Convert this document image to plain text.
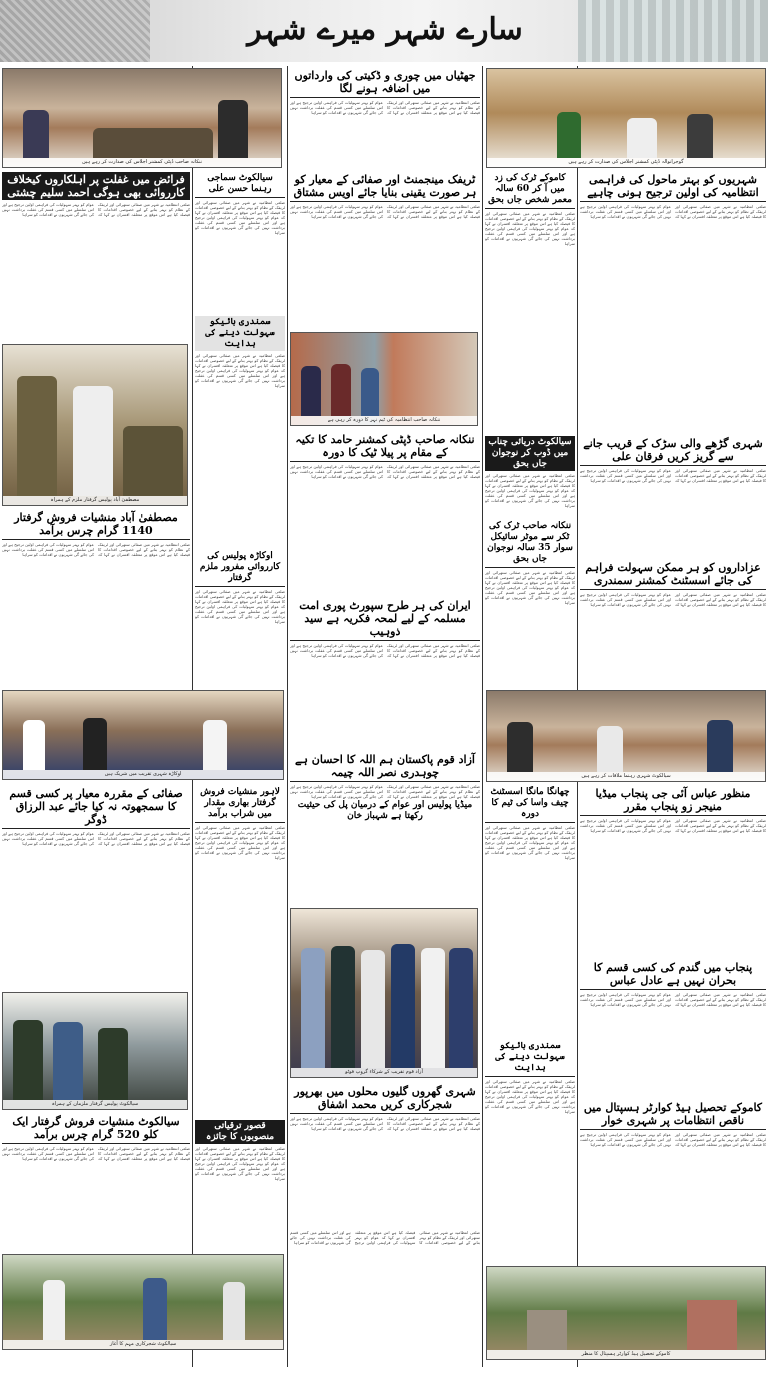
سارے شہر میرے شہر
ننکانہ صاحب ڈپٹی کمشنر اجلاس کی صدارت کر رہے ہیں	گوجرانوالہ ڈپٹی کمشنر اجلاس کی صدارت کر رہے ہیں
جھٹیاں میں چوری و ڈکیتی کی وارداتوں میں اضافہ ہونے لگا
ضلعی انتظامیہ نے شہر میں صفائی ستھرائی اور ٹریفک کے نظام کو بہتر بنانے کے لیے خصوصی اقدامات کا فیصلہ کیا ہے اس موقع پر متعلقہ افسران نے کہا کہ عوام کو بہتر سہولیات کی فراہمی اولین ترجیح ہے اور اس سلسلے میں کسی قسم کی غفلت برداشت نہیں کی جائے گی شہریوں نے اقدامات کو سراہا
فرائض میں غفلت پر اہلکاروں کیخلاف کارروائی بھی ہوگی احمد سلیم چشتی
ضلعی انتظامیہ نے شہر میں صفائی ستھرائی اور ٹریفک کے نظام کو بہتر بنانے کے لیے خصوصی اقدامات کا فیصلہ کیا ہے اس موقع پر متعلقہ افسران نے کہا کہ عوام کو بہتر سہولیات کی فراہمی اولین ترجیح ہے اور اس سلسلے میں کسی قسم کی غفلت برداشت نہیں کی جائے گی شہریوں نے اقدامات کو سراہا
مصطفیٰ آباد پولیس گرفتار ملزم کے ہمراہ
مصطفیٰ آباد منشیات فروش گرفتار 1140 گرام چرس برآمد
ضلعی انتظامیہ نے شہر میں صفائی ستھرائی اور ٹریفک کے نظام کو بہتر بنانے کے لیے خصوصی اقدامات کا فیصلہ کیا ہے اس موقع پر متعلقہ افسران نے کہا کہ عوام کو بہتر سہولیات کی فراہمی اولین ترجیح ہے اور اس سلسلے میں کسی قسم کی غفلت برداشت نہیں کی جائے گی شہریوں نے اقدامات کو سراہا
اوکاڑہ شہری تقریب میں شریک ہیں
صفائی کے مقررہ معیار پر کسی قسم کا سمجھوتہ نہ کیا جائے عبد الرزاق ڈوگر
ضلعی انتظامیہ نے شہر میں صفائی ستھرائی اور ٹریفک کے نظام کو بہتر بنانے کے لیے خصوصی اقدامات کا فیصلہ کیا ہے اس موقع پر متعلقہ افسران نے کہا کہ عوام کو بہتر سہولیات کی فراہمی اولین ترجیح ہے اور اس سلسلے میں کسی قسم کی غفلت برداشت نہیں کی جائے گی شہریوں نے اقدامات کو سراہا
سیالکوٹ پولیس گرفتار ملزمان کے ہمراہ
سیالکوٹ منشیات فروش گرفتار ایک کلو 520 گرام چرس برآمد
ضلعی انتظامیہ نے شہر میں صفائی ستھرائی اور ٹریفک کے نظام کو بہتر بنانے کے لیے خصوصی اقدامات کا فیصلہ کیا ہے اس موقع پر متعلقہ افسران نے کہا کہ عوام کو بہتر سہولیات کی فراہمی اولین ترجیح ہے اور اس سلسلے میں کسی قسم کی غفلت برداشت نہیں کی جائے گی شہریوں نے اقدامات کو سراہا
سیالکوٹ شجرکاری مہم کا آغاز
سیالکوٹ سماجی رہنما حسن علی
ضلعی انتظامیہ نے شہر میں صفائی ستھرائی اور ٹریفک کے نظام کو بہتر بنانے کے لیے خصوصی اقدامات کا فیصلہ کیا ہے اس موقع پر متعلقہ افسران نے کہا کہ عوام کو بہتر سہولیات کی فراہمی اولین ترجیح ہے اور اس سلسلے میں کسی قسم کی غفلت برداشت نہیں کی جائے گی شہریوں نے اقدامات کو سراہا
سمندری بائیکو سہولت دینے کی ہدایت
ضلعی انتظامیہ نے شہر میں صفائی ستھرائی اور ٹریفک کے نظام کو بہتر بنانے کے لیے خصوصی اقدامات کا فیصلہ کیا ہے اس موقع پر متعلقہ افسران نے کہا کہ عوام کو بہتر سہولیات کی فراہمی اولین ترجیح ہے اور اس سلسلے میں کسی قسم کی غفلت برداشت نہیں کی جائے گی شہریوں نے اقدامات کو سراہا
اوکاڑہ پولیس کی کارروائی مفرور ملزم گرفتار
ضلعی انتظامیہ نے شہر میں صفائی ستھرائی اور ٹریفک کے نظام کو بہتر بنانے کے لیے خصوصی اقدامات کا فیصلہ کیا ہے اس موقع پر متعلقہ افسران نے کہا کہ عوام کو بہتر سہولیات کی فراہمی اولین ترجیح ہے اور اس سلسلے میں کسی قسم کی غفلت برداشت نہیں کی جائے گی شہریوں نے اقدامات کو سراہا
لاہور منشیات فروش گرفتار بھاری مقدار میں شراب برآمد
ضلعی انتظامیہ نے شہر میں صفائی ستھرائی اور ٹریفک کے نظام کو بہتر بنانے کے لیے خصوصی اقدامات کا فیصلہ کیا ہے اس موقع پر متعلقہ افسران نے کہا کہ عوام کو بہتر سہولیات کی فراہمی اولین ترجیح ہے اور اس سلسلے میں کسی قسم کی غفلت برداشت نہیں کی جائے گی شہریوں نے اقدامات کو سراہا
قصور ترقیاتی منصوبوں کا جائزہ
ضلعی انتظامیہ نے شہر میں صفائی ستھرائی اور ٹریفک کے نظام کو بہتر بنانے کے لیے خصوصی اقدامات کا فیصلہ کیا ہے اس موقع پر متعلقہ افسران نے کہا کہ عوام کو بہتر سہولیات کی فراہمی اولین ترجیح ہے اور اس سلسلے میں کسی قسم کی غفلت برداشت نہیں کی جائے گی شہریوں نے اقدامات کو سراہا
ٹریفک مینجمنٹ اور صفائی کے معیار کو ہر صورت یقینی بنایا جائے اویس مشتاق
ضلعی انتظامیہ نے شہر میں صفائی ستھرائی اور ٹریفک کے نظام کو بہتر بنانے کے لیے خصوصی اقدامات کا فیصلہ کیا ہے اس موقع پر متعلقہ افسران نے کہا کہ عوام کو بہتر سہولیات کی فراہمی اولین ترجیح ہے اور اس سلسلے میں کسی قسم کی غفلت برداشت نہیں کی جائے گی شہریوں نے اقدامات کو سراہا
ننکانہ صاحب انتظامیہ کی ٹیم نہر کا دورہ کر رہی ہے
ننکانہ صاحب ڈپٹی کمشنر حامد کا تکیہ کے مقام پر پیلا ٹیک کا دورہ
ضلعی انتظامیہ نے شہر میں صفائی ستھرائی اور ٹریفک کے نظام کو بہتر بنانے کے لیے خصوصی اقدامات کا فیصلہ کیا ہے اس موقع پر متعلقہ افسران نے کہا کہ عوام کو بہتر سہولیات کی فراہمی اولین ترجیح ہے اور اس سلسلے میں کسی قسم کی غفلت برداشت نہیں کی جائے گی شہریوں نے اقدامات کو سراہا
ایران کی ہر طرح سپورٹ پوری امت مسلمہ کے لیے لمحہ فکریہ ہے سید ذوہیب
ضلعی انتظامیہ نے شہر میں صفائی ستھرائی اور ٹریفک کے نظام کو بہتر بنانے کے لیے خصوصی اقدامات کا فیصلہ کیا ہے اس موقع پر متعلقہ افسران نے کہا کہ عوام کو بہتر سہولیات کی فراہمی اولین ترجیح ہے اور اس سلسلے میں کسی قسم کی غفلت برداشت نہیں کی جائے گی شہریوں نے اقدامات کو سراہا
آزاد قوم پاکستان ہم اللہ کا احسان ہے چوہدری نصر اللہ چیمہ
ضلعی انتظامیہ نے شہر میں صفائی ستھرائی اور ٹریفک کے نظام کو بہتر بنانے کے لیے خصوصی اقدامات کا فیصلہ کیا ہے اس موقع پر متعلقہ افسران نے کہا کہ عوام کو بہتر سہولیات کی فراہمی اولین ترجیح ہے اور اس سلسلے میں کسی قسم کی غفلت برداشت نہیں کی جائے گی شہریوں نے اقدامات کو سراہا
میڈیا پولیس اور عوام کے درمیان پل کی حیثیت رکھتا ہے شہباز خان
آزاد قوم تقریب کے شرکاء گروپ فوٹو
شہری گھروں گلیوں محلوں میں بھرپور شجرکاری کریں محمد اشفاق
ضلعی انتظامیہ نے شہر میں صفائی ستھرائی اور ٹریفک کے نظام کو بہتر بنانے کے لیے خصوصی اقدامات کا فیصلہ کیا ہے اس موقع پر متعلقہ افسران نے کہا کہ عوام کو بہتر سہولیات کی فراہمی اولین ترجیح ہے اور اس سلسلے میں کسی قسم کی غفلت برداشت نہیں کی جائے گی شہریوں نے اقدامات کو سراہا
ضلعی انتظامیہ نے شہر میں صفائی ستھرائی اور ٹریفک کے نظام کو بہتر بنانے کے لیے خصوصی اقدامات کا فیصلہ کیا ہے اس موقع پر متعلقہ افسران نے کہا کہ عوام کو بہتر سہولیات کی فراہمی اولین ترجیح ہے اور اس سلسلے میں کسی قسم کی غفلت برداشت نہیں کی جائے گی شہریوں نے اقدامات کو سراہا
کاموکے ٹرک کی زد میں آ کر 60 سالہ معمر شخص جاں بحق
ضلعی انتظامیہ نے شہر میں صفائی ستھرائی اور ٹریفک کے نظام کو بہتر بنانے کے لیے خصوصی اقدامات کا فیصلہ کیا ہے اس موقع پر متعلقہ افسران نے کہا کہ عوام کو بہتر سہولیات کی فراہمی اولین ترجیح ہے اور اس سلسلے میں کسی قسم کی غفلت برداشت نہیں کی جائے گی شہریوں نے اقدامات کو سراہا
سیالکوٹ دریائی چناب میں ڈوب کر نوجوان جاں بحق
ضلعی انتظامیہ نے شہر میں صفائی ستھرائی اور ٹریفک کے نظام کو بہتر بنانے کے لیے خصوصی اقدامات کا فیصلہ کیا ہے اس موقع پر متعلقہ افسران نے کہا کہ عوام کو بہتر سہولیات کی فراہمی اولین ترجیح ہے اور اس سلسلے میں کسی قسم کی غفلت برداشت نہیں کی جائے گی شہریوں نے اقدامات کو سراہا
ننکانہ صاحب ٹرک کی ٹکر سے موٹر سائیکل سوار 35 سالہ نوجوان جاں بحق
ضلعی انتظامیہ نے شہر میں صفائی ستھرائی اور ٹریفک کے نظام کو بہتر بنانے کے لیے خصوصی اقدامات کا فیصلہ کیا ہے اس موقع پر متعلقہ افسران نے کہا کہ عوام کو بہتر سہولیات کی فراہمی اولین ترجیح ہے اور اس سلسلے میں کسی قسم کی غفلت برداشت نہیں کی جائے گی شہریوں نے اقدامات کو سراہا
چھانگا مانگا اسسٹنٹ چیف واسا کی ٹیم کا دورہ
ضلعی انتظامیہ نے شہر میں صفائی ستھرائی اور ٹریفک کے نظام کو بہتر بنانے کے لیے خصوصی اقدامات کا فیصلہ کیا ہے اس موقع پر متعلقہ افسران نے کہا کہ عوام کو بہتر سہولیات کی فراہمی اولین ترجیح ہے اور اس سلسلے میں کسی قسم کی غفلت برداشت نہیں کی جائے گی شہریوں نے اقدامات کو سراہا
سمندری بائیکو سہولت دینے کی ہدایت
ضلعی انتظامیہ نے شہر میں صفائی ستھرائی اور ٹریفک کے نظام کو بہتر بنانے کے لیے خصوصی اقدامات کا فیصلہ کیا ہے اس موقع پر متعلقہ افسران نے کہا کہ عوام کو بہتر سہولیات کی فراہمی اولین ترجیح ہے اور اس سلسلے میں کسی قسم کی غفلت برداشت نہیں کی جائے گی شہریوں نے اقدامات کو سراہا
شہریوں کو بہتر ماحول کی فراہمی انتظامیہ کی اولین ترجیح ہونی چاہیے
ضلعی انتظامیہ نے شہر میں صفائی ستھرائی اور ٹریفک کے نظام کو بہتر بنانے کے لیے خصوصی اقدامات کا فیصلہ کیا ہے اس موقع پر متعلقہ افسران نے کہا کہ عوام کو بہتر سہولیات کی فراہمی اولین ترجیح ہے اور اس سلسلے میں کسی قسم کی غفلت برداشت نہیں کی جائے گی شہریوں نے اقدامات کو سراہا
شہری گڑھے والی سڑک کے قریب جانے سے گریز کریں فرقان علی
ضلعی انتظامیہ نے شہر میں صفائی ستھرائی اور ٹریفک کے نظام کو بہتر بنانے کے لیے خصوصی اقدامات کا فیصلہ کیا ہے اس موقع پر متعلقہ افسران نے کہا کہ عوام کو بہتر سہولیات کی فراہمی اولین ترجیح ہے اور اس سلسلے میں کسی قسم کی غفلت برداشت نہیں کی جائے گی شہریوں نے اقدامات کو سراہا
عزاداروں کو ہر ممکن سہولت فراہم کی جائے اسسٹنٹ کمشنر سمندری
ضلعی انتظامیہ نے شہر میں صفائی ستھرائی اور ٹریفک کے نظام کو بہتر بنانے کے لیے خصوصی اقدامات کا فیصلہ کیا ہے اس موقع پر متعلقہ افسران نے کہا کہ عوام کو بہتر سہولیات کی فراہمی اولین ترجیح ہے اور اس سلسلے میں کسی قسم کی غفلت برداشت نہیں کی جائے گی شہریوں نے اقدامات کو سراہا
سیالکوٹ شہری رہنما ملاقات کر رہے ہیں
منظور عباس آئی جی پنجاب میڈیا منیجر زو پنجاب مقرر
ضلعی انتظامیہ نے شہر میں صفائی ستھرائی اور ٹریفک کے نظام کو بہتر بنانے کے لیے خصوصی اقدامات کا فیصلہ کیا ہے اس موقع پر متعلقہ افسران نے کہا کہ عوام کو بہتر سہولیات کی فراہمی اولین ترجیح ہے اور اس سلسلے میں کسی قسم کی غفلت برداشت نہیں کی جائے گی شہریوں نے اقدامات کو سراہا
پنجاب میں گندم کی کسی قسم کا بحران نہیں ہے عادل عباس
ضلعی انتظامیہ نے شہر میں صفائی ستھرائی اور ٹریفک کے نظام کو بہتر بنانے کے لیے خصوصی اقدامات کا فیصلہ کیا ہے اس موقع پر متعلقہ افسران نے کہا کہ عوام کو بہتر سہولیات کی فراہمی اولین ترجیح ہے اور اس سلسلے میں کسی قسم کی غفلت برداشت نہیں کی جائے گی شہریوں نے اقدامات کو سراہا
کاموکے تحصیل ہیڈ کوارٹر ہسپتال میں ناقص انتظامات پر شہری خوار
ضلعی انتظامیہ نے شہر میں صفائی ستھرائی اور ٹریفک کے نظام کو بہتر بنانے کے لیے خصوصی اقدامات کا فیصلہ کیا ہے اس موقع پر متعلقہ افسران نے کہا کہ عوام کو بہتر سہولیات کی فراہمی اولین ترجیح ہے اور اس سلسلے میں کسی قسم کی غفلت برداشت نہیں کی جائے گی شہریوں نے اقدامات کو سراہا
کاموکے تحصیل ہیڈ کوارٹر ہسپتال کا منظر
